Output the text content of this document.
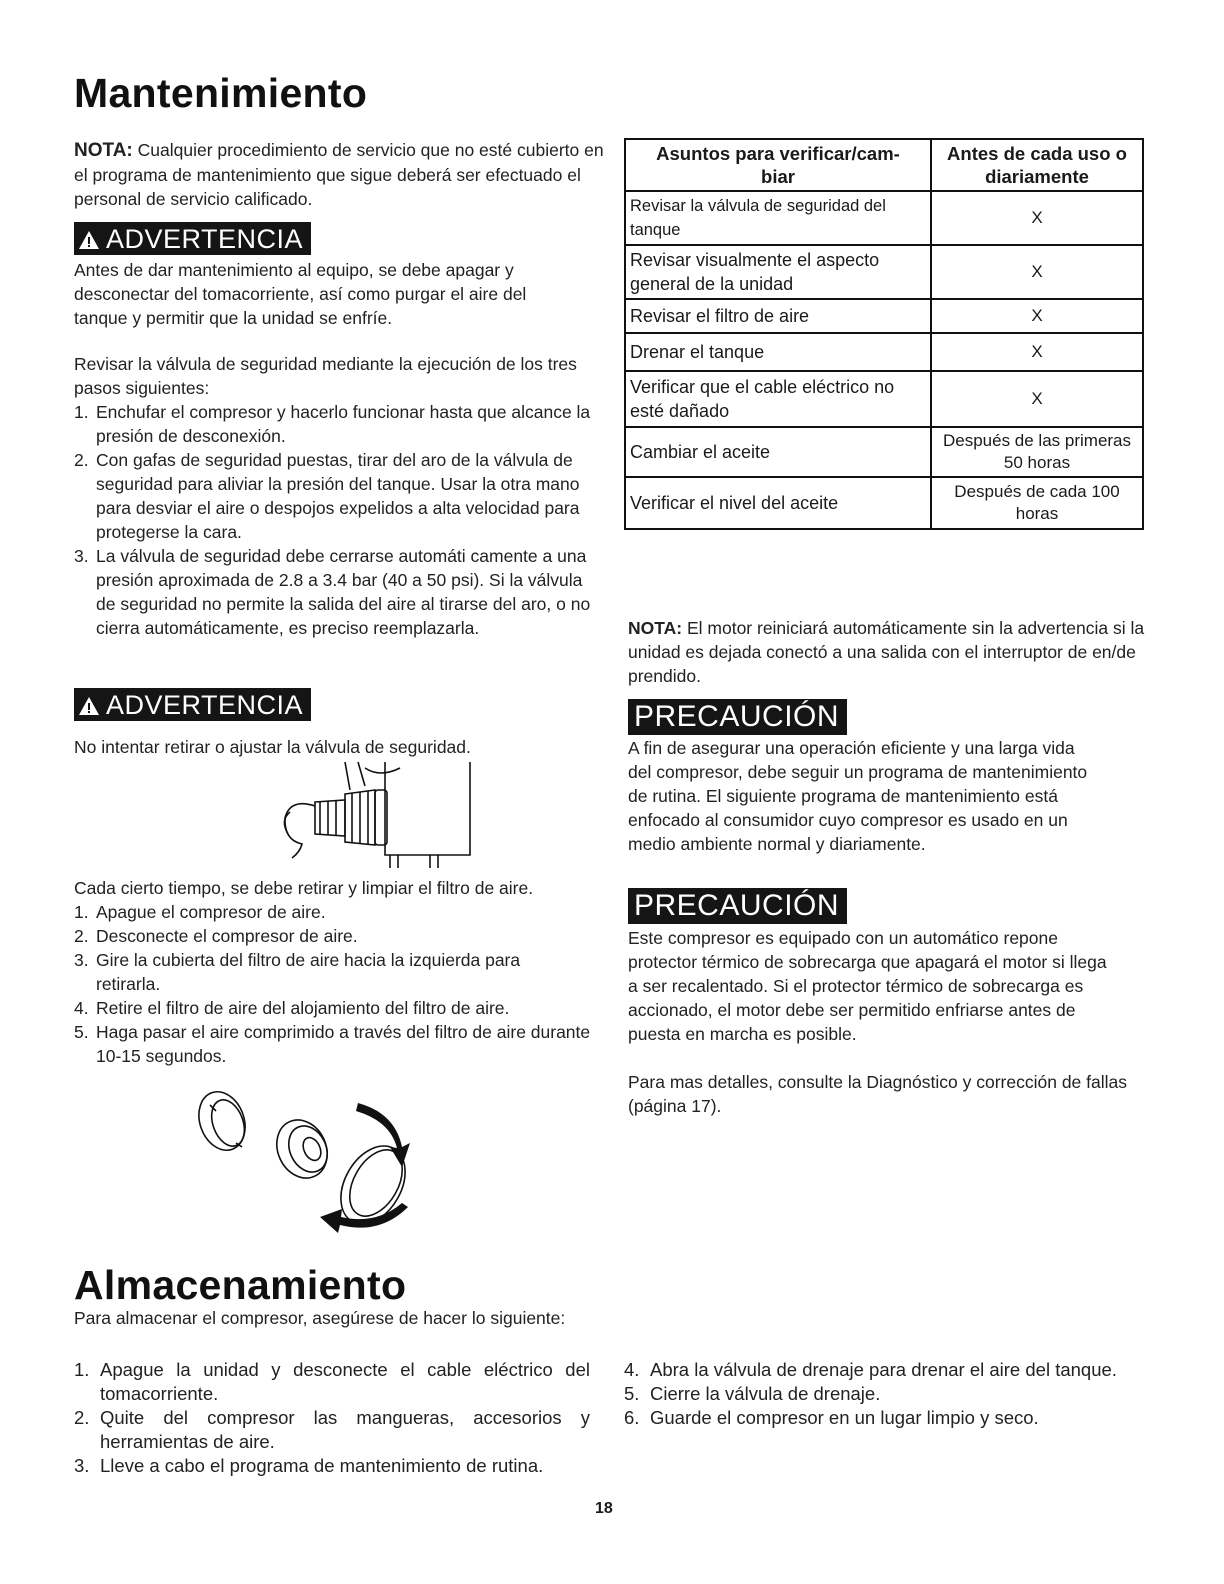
Mantenimiento
NOTA: Cualquier procedimiento de servicio que no esté cubierto en el programa de mantenimiento que sigue deberá ser efectuado el personal de servicio calificado.
ADVERTENCIA
Antes de dar mantenimiento al equipo, se debe apagar y desconectar del tomacorriente, así como purgar el aire del tanque y permitir que la unidad se enfríe.
Revisar la válvula de seguridad mediante la ejecución de los tres pasos siguientes:
1. Enchufar el compresor y hacerlo funcionar hasta que alcance la presión de desconexión.
2. Con gafas de seguridad puestas, tirar del aro de la válvula de seguridad para aliviar la presión del tanque. Usar la otra mano para desviar el aire o despojos expelidos a alta velocidad para protegerse la cara.
3. La válvula de seguridad debe cerrarse automáti camente a una presión aproximada de 2.8 a 3.4 bar (40 a 50 psi). Si la válvula de seguridad no permite la salida del aire al tirarse del aro, o no cierra automáticamente, es preciso reemplazarla.
ADVERTENCIA
No intentar retirar o ajustar la válvula de seguridad.
Cada cierto tiempo, se debe retirar y limpiar el filtro de aire.
1. Apague el compresor de aire.
2. Desconecte el compresor de aire.
3. Gire la cubierta del filtro de aire hacia la izquierda para retirarla.
4. Retire el filtro de aire del alojamiento del filtro de aire.
5. Haga pasar el aire comprimido a través del filtro de aire durante 10-15 segundos.
Asuntos para verificar/cam-biar	Antes de cada uso o diariamente
Revisar la válvula de seguridad del tanque	X
Revisar visualmente el aspecto general de la unidad	X
Revisar el filtro de aire	X
Drenar el tanque	X
Verificar que el cable eléctrico no esté dañado	X
Cambiar el aceite	Después de las primeras 50 horas
Verificar el nivel del aceite	Después de cada 100 horas
NOTA: El motor reiniciará automáticamente sin la advertencia si la unidad es dejada conectó a una salida con el interruptor de en/de prendido.
PRECAUCIÓN
A fin de asegurar una operación eficiente y una larga vida del compresor, debe seguir un programa de mantenimiento de rutina. El siguiente programa de mantenimiento está enfocado al consumidor cuyo compresor es usado en un medio ambiente normal y diariamente.
PRECAUCIÓN
Este compresor es equipado con un automático repone protector térmico de sobrecarga que apagará el motor si llega a ser recalentado. Si el protector térmico de sobrecarga es accionado, el motor debe ser permitido enfriarse antes de puesta en marcha es posible.
Para mas detalles, consulte la Diagnóstico y corrección de fallas (página 17).
Almacenamiento
Para almacenar el compresor, asegúrese de hacer lo siguiente:
1. Apague la unidad y desconecte el cable eléctrico del tomacorriente.
2. Quite del compresor las mangueras, accesorios y herramientas de aire.
3. Lleve a cabo el programa de mantenimiento de rutina.
4. Abra la válvula de drenaje para drenar el aire del tanque.
5. Cierre la válvula de drenaje.
6. Guarde el compresor en un lugar limpio y seco.
18
